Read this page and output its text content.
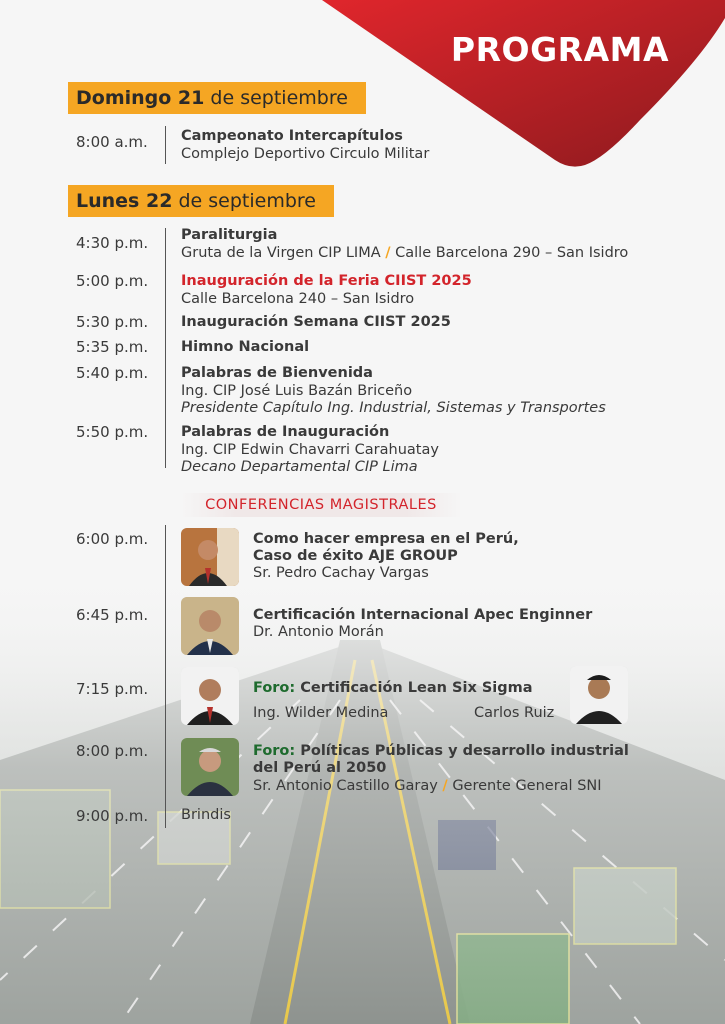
PROGRAMA
Domingo 21 de septiembre
8:00 a.m. Campeonato Intercapítulos
Complejo Deportivo Circulo Militar
Lunes 22 de septiembre
4:30 p.m. Paraliturgia
Gruta de la Virgen CIP LIMA / Calle Barcelona 290 – San Isidro
5:00 p.m. Inauguración de la Feria CIIST 2025
Calle Barcelona 240 – San Isidro
5:30 p.m. Inauguración Semana CIIST 2025
5:35 p.m. Himno Nacional
5:40 p.m. Palabras de Bienvenida
Ing. CIP José Luis Bazán Briceño
Presidente Capítulo Ing. Industrial, Sistemas y Transportes
5:50 p.m. Palabras de Inauguración
Ing. CIP Edwin Chavarri Carahuatay
Decano Departamental CIP Lima
CONFERENCIAS MAGISTRALES
6:00 p.m.	Como hacer empresa en el Perú,
Caso de éxito AJE GROUP
Sr. Pedro Cachay Vargas
6:45 p.m.	Certificación Internacional Apec Enginner
Dr. Antonio Morán
7:15 p.m.	Foro: Certificación Lean Six Sigma
Ing. Wilder Medina	Carlos Ruiz
8:00 p.m.	Foro: Políticas Públicas y desarrollo industrial
del Perú al 2050
Sr. Antonio Castillo Garay / Gerente General SNI
9:00 p.m. Brindis
